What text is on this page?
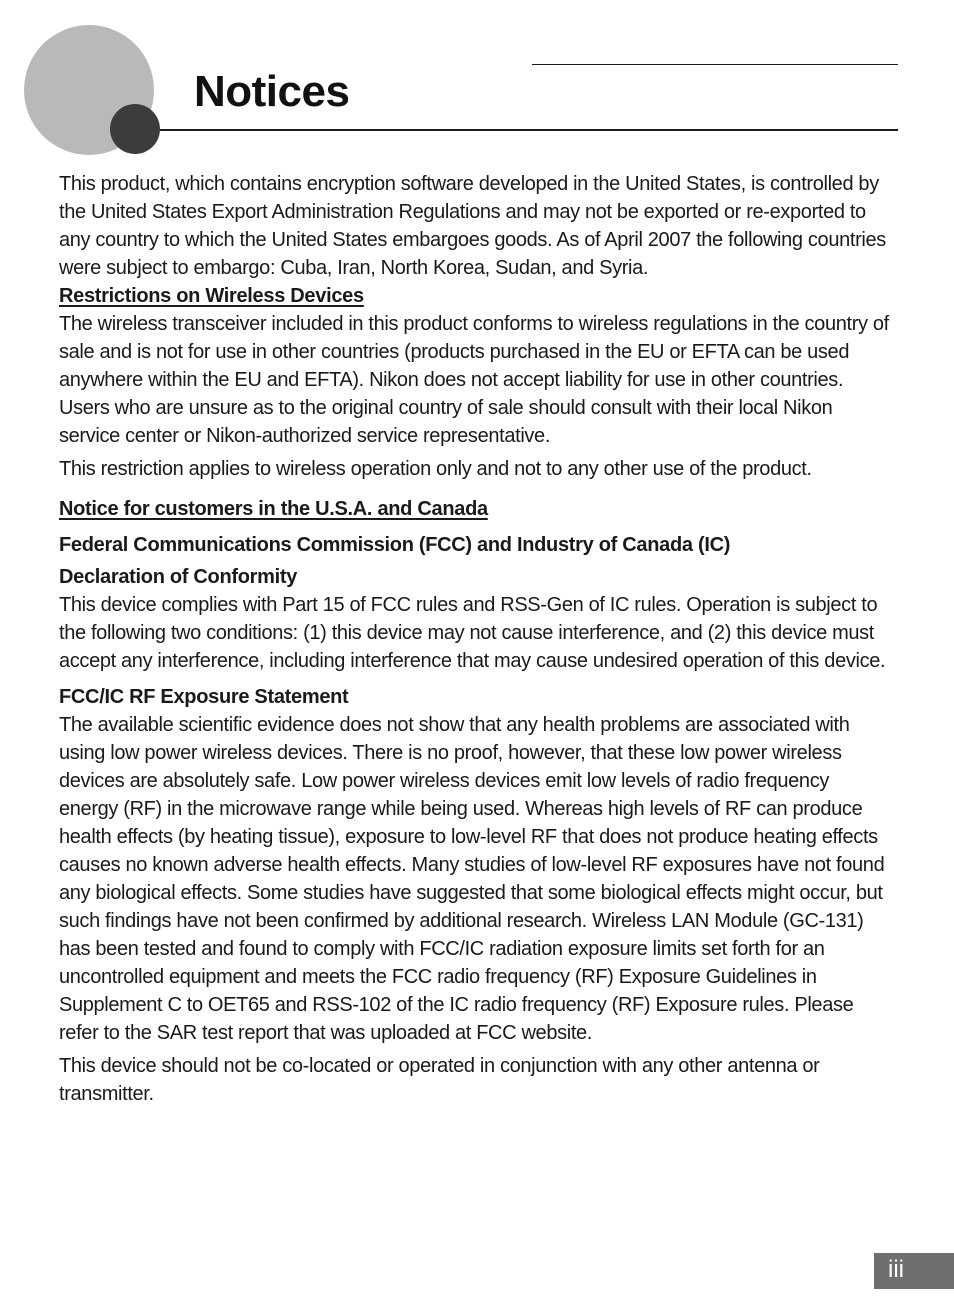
Notices

This product, which contains encryption software developed in the United States, is controlled by the United States Export Administration Regulations and may not be exported or re-exported to any country to which the United States embargoes goods. As of April 2007 the following countries were subject to embargo: Cuba, Iran, North Korea, Sudan, and Syria.

Restrictions on Wireless Devices

The wireless transceiver included in this product conforms to wireless regulations in the country of sale and is not for use in other countries (products purchased in the EU or EFTA can be used anywhere within the EU and EFTA). Nikon does not accept liability for use in other countries. Users who are unsure as to the original country of sale should consult with their local Nikon service center or Nikon-authorized service representative.

This restriction applies to wireless operation only and not to any other use of the product.

Notice for customers in the U.S.A. and Canada

Federal Communications Commission (FCC) and Industry of Canada (IC)

Declaration of Conformity

This device complies with Part 15 of FCC rules and RSS-Gen of IC rules. Operation is subject to the following two conditions: (1) this device may not cause interference, and (2) this device must accept any interference, including interference that may cause undesired operation of this device.

FCC/IC RF Exposure Statement

The available scientific evidence does not show that any health problems are associated with using low power wireless devices. There is no proof, however, that these low power wireless devices are absolutely safe. Low power wireless devices emit low levels of radio frequency energy (RF) in the microwave range while being used. Whereas high levels of RF can produce health effects (by heating tissue), exposure to low-level RF that does not produce heating effects causes no known adverse health effects. Many studies of low-level RF exposures have not found any biological effects. Some studies have suggested that some biological effects might occur, but such findings have not been confirmed by additional research. Wireless LAN Module (GC-131) has been tested and found to comply with FCC/IC radiation exposure limits set forth for an uncontrolled equipment and meets the FCC radio frequency (RF) Exposure Guidelines in Supplement C to OET65 and RSS-102 of the IC radio frequency (RF) Exposure rules. Please refer to the SAR test report that was uploaded at FCC website.

This device should not be co-located or operated in conjunction with any other antenna or transmitter.

iii
